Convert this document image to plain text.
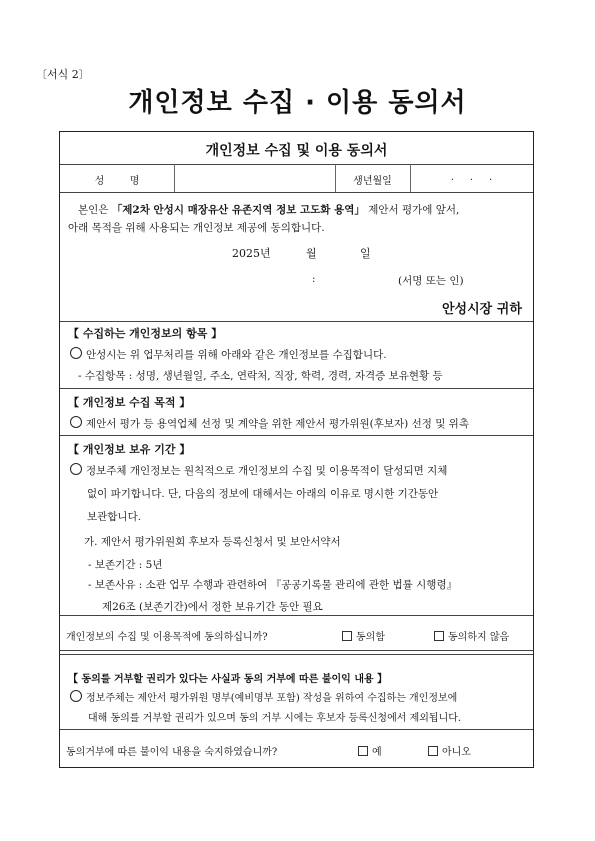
〔서식 2〕
개인정보 수집 · 이용 동의서
개인정보 수집 및 이용 동의서
성        명	생년월일	.     .     .
본인은 「제2차 안성시 매장유산 유존지역 정보 고도화 용역」 제안서 평가에 앞서,
아래 목적을 위해 사용되는 개인정보 제공에 동의합니다.
2025년	월	일
:	(서명 또는 인)
안성시장 귀하
【 수집하는 개인정보의 항목 】
안성시는 위 업무처리를 위해 아래와 같은 개인정보를 수집합니다.
- 수집항목 : 성명, 생년월일, 주소, 연락처, 직장, 학력, 경력, 자격증 보유현황 등
【 개인정보 수집 목적 】
제안서 평가 등 용역업체 선정 및 계약을 위한 제안서 평가위원(후보자) 선정 및 위촉
【 개인정보 보유 기간 】
정보주체 개인정보는 원칙적으로 개인정보의 수집 및 이용목적이 달성되면 지체
없이 파기합니다. 단, 다음의 정보에 대해서는 아래의 이유로 명시한 기간동안
보관합니다.
가. 제안서 평가위원회 후보자 등록신청서 및 보안서약서
- 보존기간 : 5년
- 보존사유 : 소관 업무 수행과 관련하여 『공공기록물 관리에 관한 법률 시행령』
제26조 (보존기간)에서 정한 보유기간 동안 필요
개인정보의 수집 및 이용목적에 동의하십니까?	동의함	동의하지 않음
【 동의를 거부할 권리가 있다는 사실과 동의 거부에 따른 불이익 내용 】
정보주체는 제안서 평가위원 명부(예비명부 포함) 작성을 위하여 수집하는 개인정보에
대해 동의를 거부할 권리가 있으며 동의 거부 시에는 후보자 등록신청에서 제외됩니다.
동의거부에 따른 불이익 내용을 숙지하였습니까?	예	아니오
